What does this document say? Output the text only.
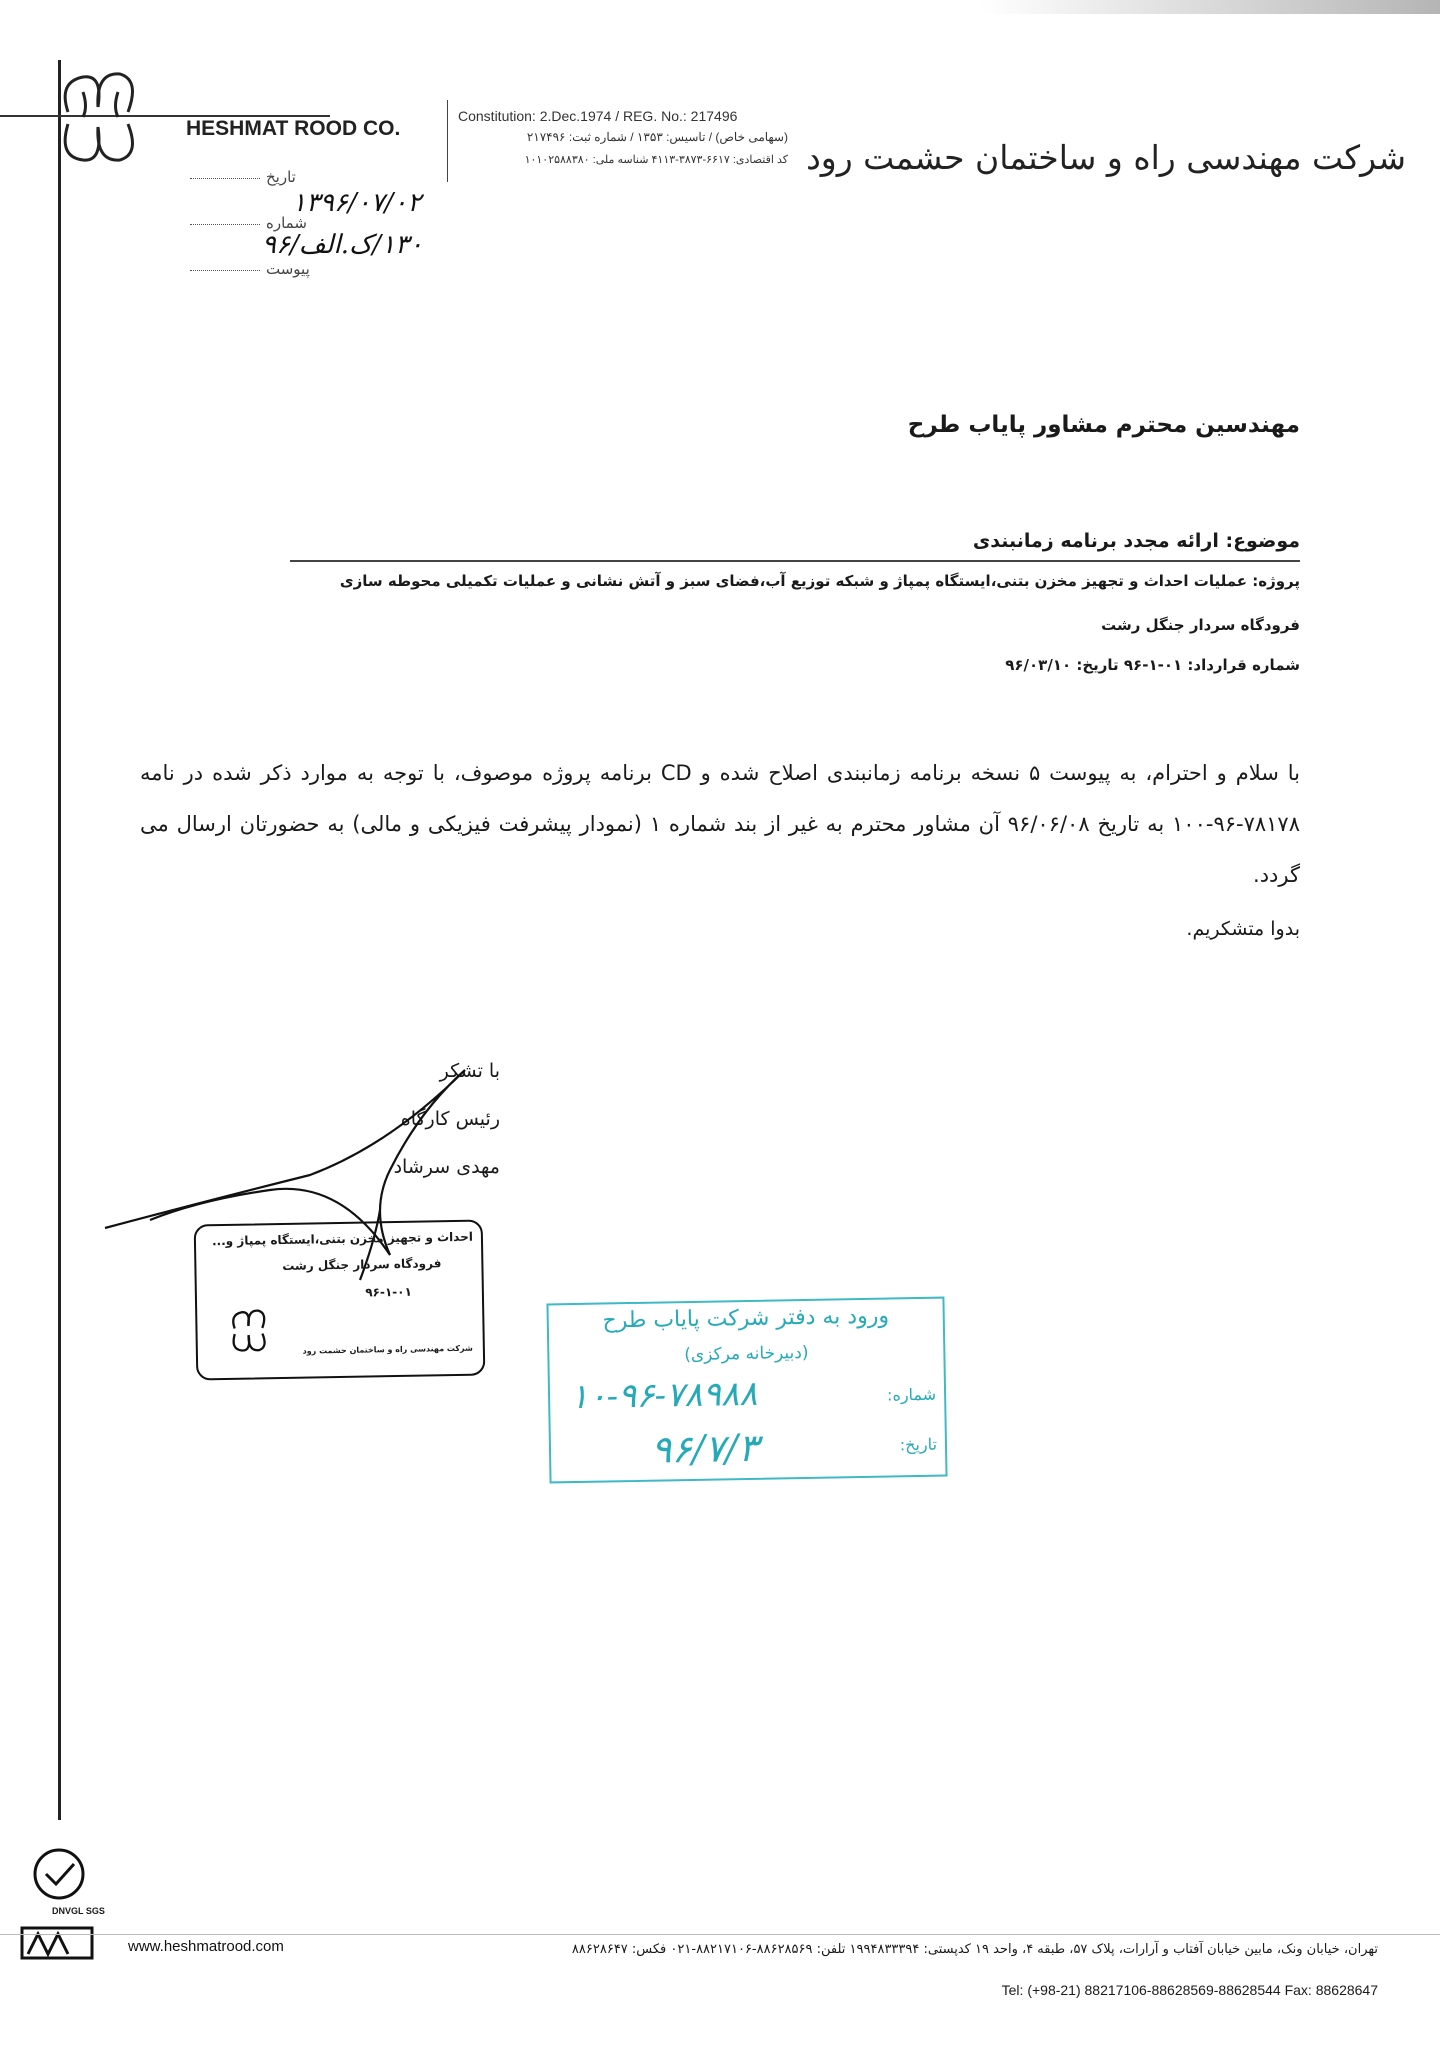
HESHMAT ROOD CO.
Constitution: 2.Dec.1974 / REG. No.: 217496
(سهامی خاص) / تاسیس: ۱۳۵۳ / شماره ثبت: ۲۱۷۴۹۶
کد اقتصادی: ۶۶۱۷-۳۸۷۳-۴۱۱۳ شناسه ملی: ۱۰۱۰۲۵۸۸۳۸۰ شرکت مهندسی راه و ساختمان حشمت رود
تاریخ
شماره
پیوست
۱۳۹۶/۰۷/۰۲
۱۳۰/ک.الف/۹۶
مهندسین محترم مشاور پایاب طرح
موضوع: ارائه مجدد برنامه زمانبندی
پروژه: عملیات احداث و تجهیز مخزن بتنی،ایستگاه پمپاژ و شبکه توزیع آب،فضای سبز و آتش نشانی و عملیات تکمیلی محوطه سازی
فرودگاه سردار جنگل رشت
شماره قرارداد: ۰۱-۱-۹۶ تاریخ: ۹۶/۰۳/۱۰

با سلام و احترام، به پیوست ۵ نسخه برنامه زمانبندی اصلاح شده و CD برنامه پروژه موصوف، با توجه به موارد ذکر شده در نامه ۷۸۱۷۸-۹۶-۱۰۰ به تاریخ ۹۶/۰۶/۰۸ آن مشاور محترم به غیر از بند شماره ۱ (نمودار پیشرفت فیزیکی و مالی) به حضورتان ارسال می گردد.

بدوا متشکریم.
با تشکر
رئیس کارگاه
مهدی سرشاد
احداث و تجهیز مخزن بتنی،ایستگاه پمپاژ و...
فرودگاه سردار جنگل رشت
۹۶-۱-۰۱
شرکت مهندسی راه و ساختمان حشمت رود
ورود به دفتر شرکت پایاب طرح
(دبیرخانه مرکزی)
شماره:
تاریخ:
۱۰-۹۶-۷۸۹۸۸
۹۶/۷/۳
DNVGL SGS
www.heshmatrood.com	تهران، خیابان ونک، مابین خیابان آفتاب و آرارات، پلاک ۵۷، طبقه ۴، واحد ۱۹ کدپستی: ۱۹۹۴۸۳۳۳۹۴ تلفن: ۸۸۶۲۸۵۶۹-۸۸۲۱۷۱۰۶-۰۲۱ فکس: ۸۸۶۲۸۶۴۷
Tel: (+98-21) 88217106-88628569-88628544 Fax: 88628647
